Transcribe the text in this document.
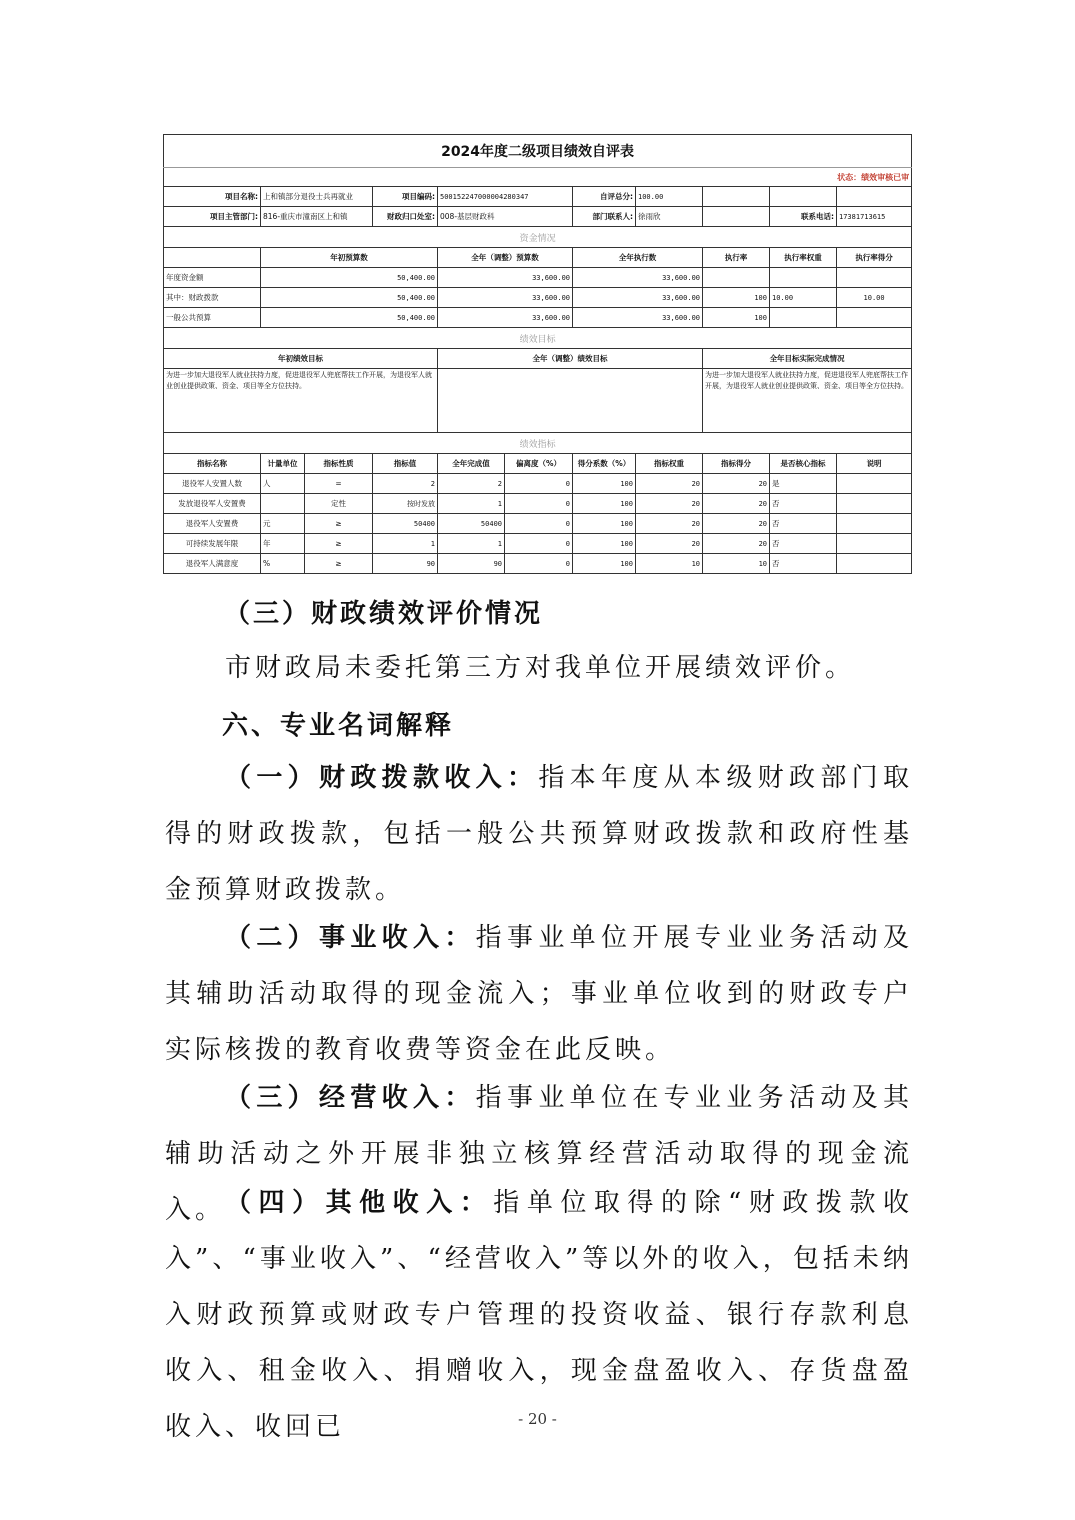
2024年度二级项目绩效自评表										
状态：绩效审核已审										
项目名称:	上和镇部分退役士兵再就业		项目编码:	500152247000004280347		自评总分:	100.00			
项目主管部门:	816-重庆市潼南区上和镇		财政归口处室:	008-基层财政科		部门联系人:	徐雨欣		联系电话:	17381713615
资金情况										
	年初预算数			全年（调整）预算数		全年执行数		执行率	执行率权重	执行率得分
年度资金额	50,400.00			33,600.00		33,600.00				
其中：财政拨款	50,400.00			33,600.00		33,600.00		100	10.00	10.00
一般公共预算	50,400.00			33,600.00		33,600.00		100		
绩效目标										
年初绩效目标				全年（调整）绩效目标				全年目标实际完成情况		
为进一步加大退役军人就业扶持力度，促进退役军人兜底帮扶工作开展，为退役军人就业创业提供政策、资金、项目等全方位扶持。								为进一步加大退役军人就业扶持力度，促进退役军人兜底帮扶工作开展，为退役军人就业创业提供政策、资金、项目等全方位扶持。		
绩效指标										
指标名称	计量单位	指标性质	指标值	全年完成值	偏离度（%）	得分系数（%）	指标权重	指标得分	是否核心指标	说明
退役军人安置人数	人	=	2	2	0	100	20	20	是	
发放退役军人安置费		定性	按时发放	1	0	100	20	20	否	
退役军人安置费	元	≥	50400	50400	0	100	20	20	否	
可持续发展年限	年	≥	1	1	0	100	20	20	否	
退役军人满意度	%	≥	90	90	0	100	10	10	否	

（三）财政绩效评价情况

市财政局未委托第三方对我单位开展绩效评价。

六、专业名词解释

（一）财政拨款收入：指本年度从本级财政部门取得的财政拨款，包括一般公共预算财政拨款和政府性基金预算财政拨款。

（二）事业收入：指事业单位开展专业业务活动及其辅助活动取得的现金流入；事业单位收到的财政专户实际核拨的教育收费等资金在此反映。

（三）经营收入：指事业单位在专业业务活动及其辅助活动之外开展非独立核算经营活动取得的现金流入。 （四）其他收入：指单位取得的除“财政拨款收入”、“事业收入”、“经营收入”等以外的收入，包括未纳入财政预算或财政专户管理的投资收益、银行存款利息收入、租金收入、捐赠收入，现金盘盈收入、存货盘盈收入、收回已	- 20 -
